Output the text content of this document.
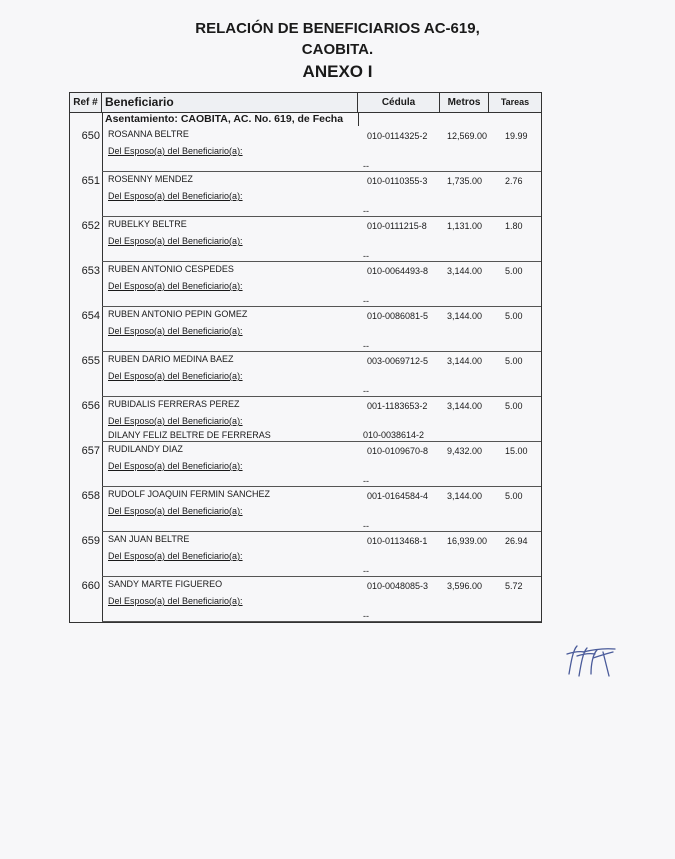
RELACIÓN DE BENEFICIARIOS AC-619,
CAOBITA.
ANEXO I
Ref # Beneficiario	Cédula	Metros	Tareas
Asentamiento: CAOBITA, AC. No. 619, de Fecha
650 ROSANNA BELTRE	010-0114325-2 12,569.00 19.99
Del Esposo(a) del Beneficiario(a):
--
651 ROSENNY MENDEZ	010-0110355-3 1,735.00	2.76
Del Esposo(a) del Beneficiario(a):
--
652 RUBELKY BELTRE	010-0111215-8 1,131.00	1.80
Del Esposo(a) del Beneficiario(a):
--
653 RUBEN ANTONIO CESPEDES	010-0064493-8 3,144.00	5.00
Del Esposo(a) del Beneficiario(a):
--
654 RUBEN ANTONIO PEPIN GOMEZ	010-0086081-5 3,144.00	5.00
Del Esposo(a) del Beneficiario(a):
--
655 RUBEN DARIO MEDINA BAEZ	003-0069712-5 3,144.00	5.00
Del Esposo(a) del Beneficiario(a):
--
656 RUBIDALIS FERRERAS PEREZ	001-1183653-2 3,144.00	5.00
Del Esposo(a) del Beneficiario(a):
DILANY FELIZ BELTRE DE FERRERAS	010-0038614-2
657 RUDILANDY DIAZ	010-0109670-8 9,432.00	15.00
Del Esposo(a) del Beneficiario(a):
--
658 RUDOLF JOAQUIN FERMIN SANCHEZ	001-0164584-4 3,144.00	5.00
Del Esposo(a) del Beneficiario(a):
--
659 SAN JUAN BELTRE	010-0113468-1 16,939.00 26.94
Del Esposo(a) del Beneficiario(a):
--
660 SANDY MARTE FIGUEREO	010-0048085-3 3,596.00	5.72
Del Esposo(a) del Beneficiario(a):
--
